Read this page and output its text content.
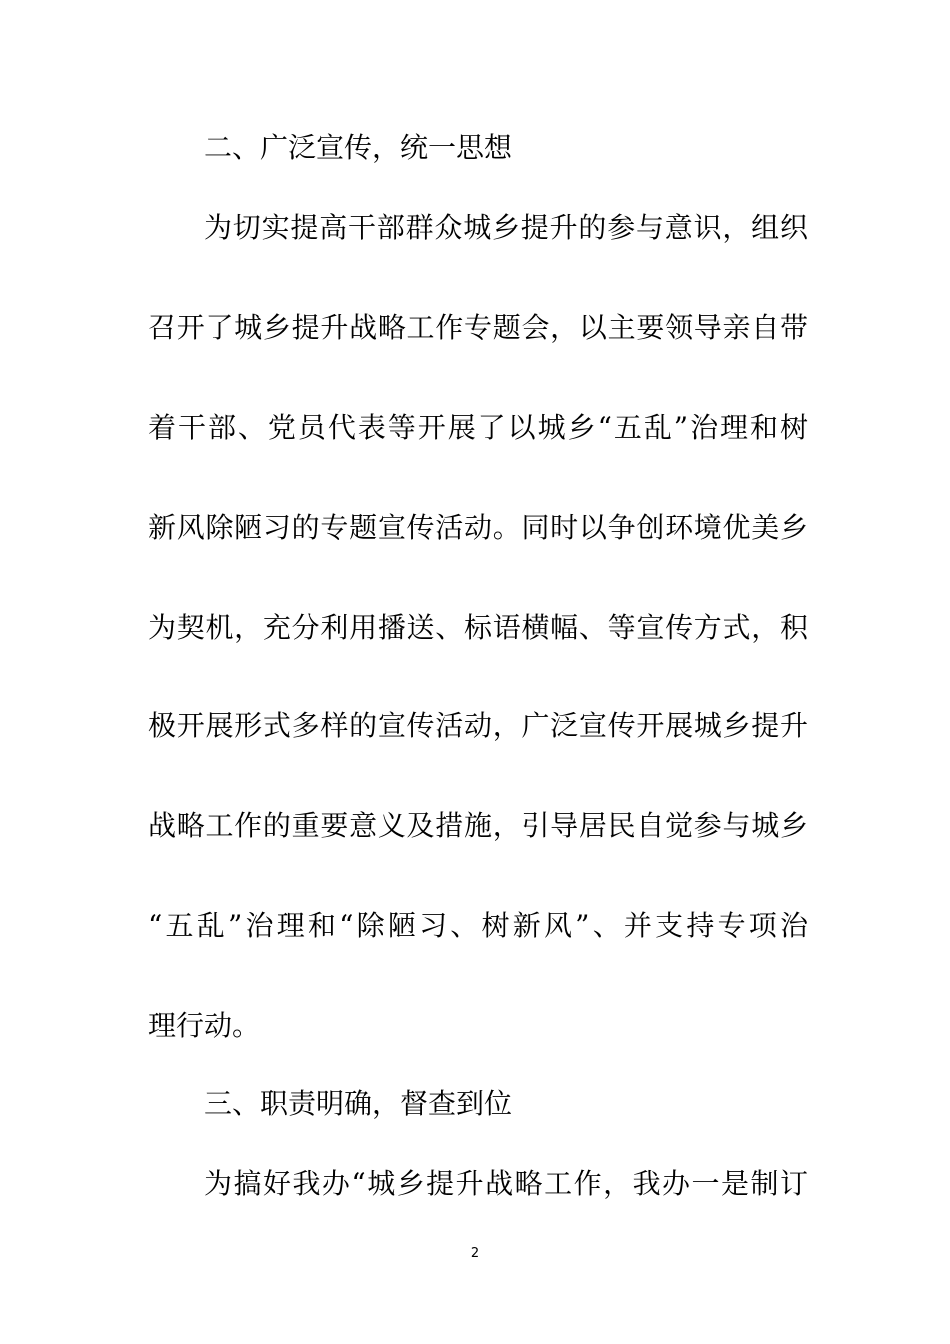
二、广泛宣传，统一思想
为切实提高干部群众城乡提升的参与意识，组织
召开了城乡提升战略工作专题会，以主要领导亲自带
着干部、党员代表等开展了以城乡“五乱”治理和树
新风除陋习的专题宣传活动。同时以争创环境优美乡
为契机，充分利用播送、标语横幅、等宣传方式，积
极开展形式多样的宣传活动，广泛宣传开展城乡提升
战略工作的重要意义及措施，引导居民自觉参与城乡
“五乱”治理和“除陋习、树新风”、并支持专项治
理行动。
三、职责明确，督查到位
为搞好我办“城乡提升战略工作，我办一是制订
2
